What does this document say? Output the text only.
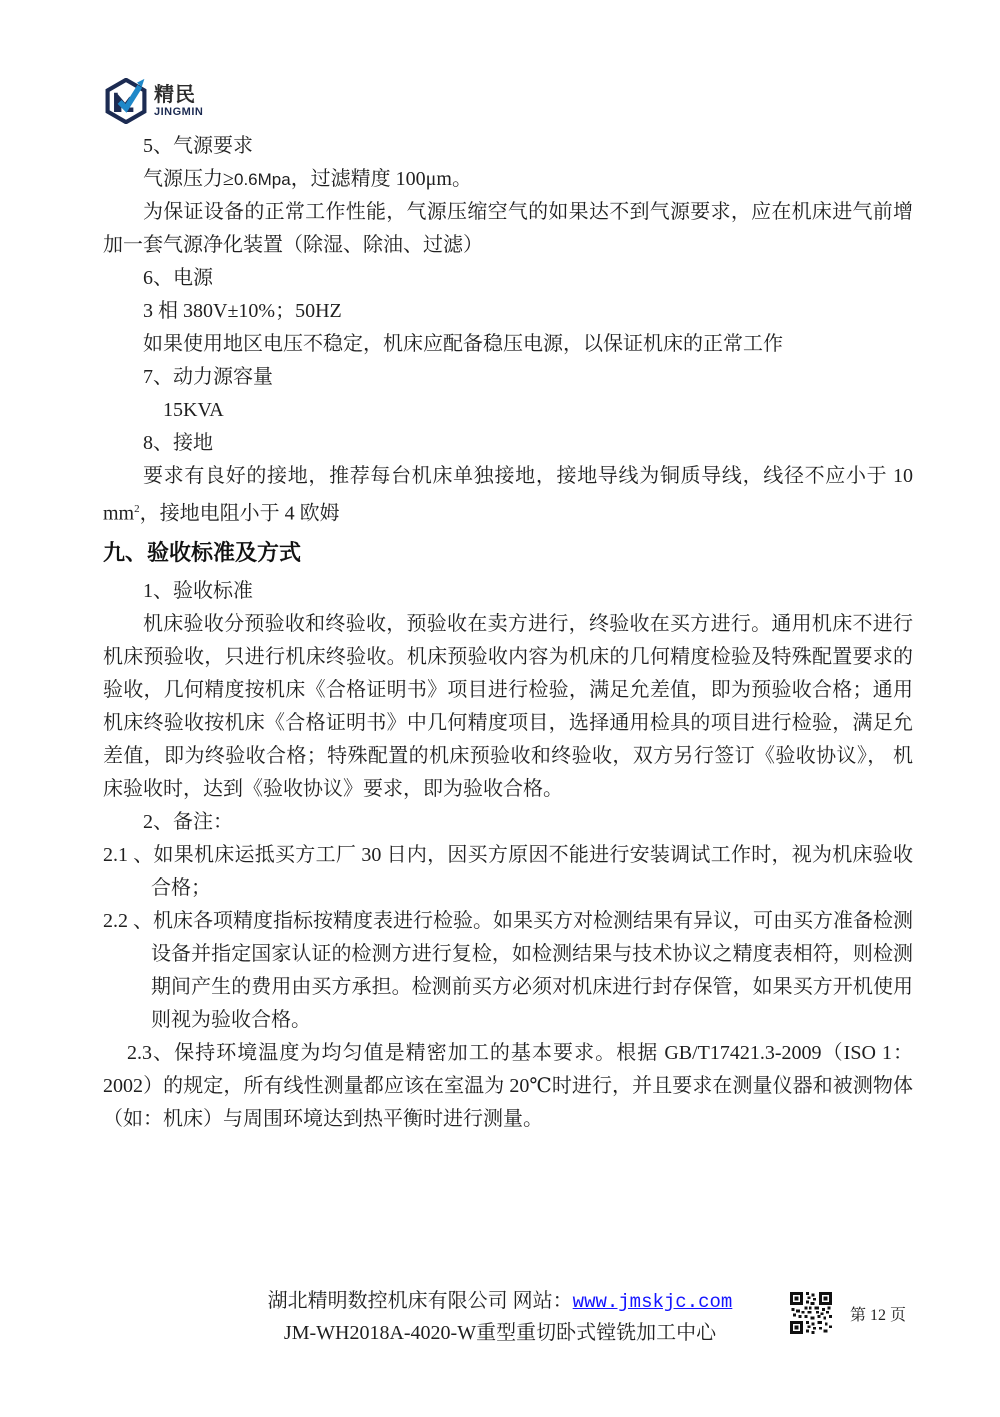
精民
JINGMIN

5、气源要求

气源压力≥0.6Mpa，过滤精度 100μm。

为保证设备的正常工作性能，气源压缩空气的如果达不到气源要求，应在机床进气前增加一套气源净化装置（除湿、除油、过滤）

6、电源

3 相 380V±10%；50HZ

如果使用地区电压不稳定，机床应配备稳压电源，以保证机床的正常工作

7、动力源容量

15KVA

8、接地

要求有良好的接地，推荐每台机床单独接地，接地导线为铜质导线，线径不应小于 10 $mm^2$，接地电阻小于 4 欧姆

九、验收标准及方式

1、验收标准

机床验收分预验收和终验收，预验收在卖方进行，终验收在买方进行。通用机床不进行机床预验收，只进行机床终验收。机床预验收内容为机床的几何精度检验及特殊配置要求的验收，几何精度按机床《合格证明书》项目进行检验，满足允差值，即为预验收合格；通用机床终验收按机床《合格证明书》中几何精度项目，选择通用检具的项目进行检验，满足允差值，即为终验收合格；特殊配置的机床预验收和终验收，双方另行签订《验收协议》， 机床验收时，达到《验收协议》要求，即为验收合格。

2、备注：

2.1 、如果机床运抵买方工厂 30 日内，因买方原因不能进行安装调试工作时，视为机床验收合格；

2.2 、机床各项精度指标按精度表进行检验。如果买方对检测结果有异议，可由买方准备检测设备并指定国家认证的检测方进行复检，如检测结果与技术协议之精度表相符，则检测期间产生的费用由买方承担。检测前买方必须对机床进行封存保管，如果买方开机使用则视为验收合格。

2.3、保持环境温度为均匀值是精密加工的基本要求。根据 GB/T17421.3-2009（ISO 1：2002）的规定，所有线性测量都应该在室温为 20℃时进行，并且要求在测量仪器和被测物体（如：机床）与周围环境达到热平衡时进行测量。

湖北精明数控机床有限公司 网站：www.jmskjc.com
JM-WH2018A-4020-W重型重切卧式镗铣加工中心
第 12 页
